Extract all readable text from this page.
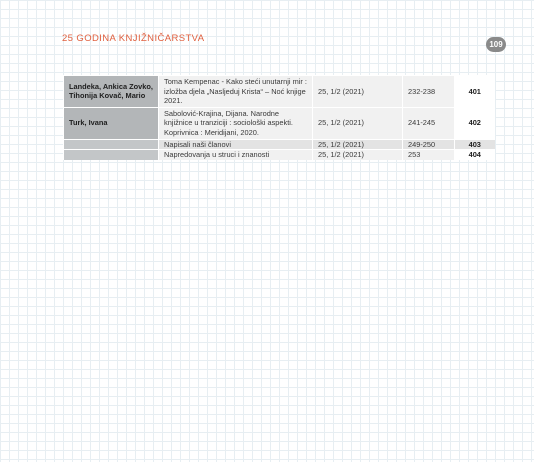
25 GODINA KNJIŽNIČARSTVA
109
Landeka, Ankica Zovko, Tihonija Kovač, Mario	Toma Kempenac - Kako steći unutarnji mir : izložba djela „Nasljeduj Krista“ – Noć knjige 2021.	25, 1/2 (2021)	232-238	401
Turk, Ivana	Sabolović-Krajina, Dijana. Narodne knjižnice u tranziciji : sociološki aspekti. Koprivnica : Meridijani, 2020.	25, 1/2 (2021)	241-245	402
	Napisali naši članovi	25, 1/2 (2021)	249-250	403
	Napredovanja u struci i znanosti	25, 1/2 (2021)	253	404
